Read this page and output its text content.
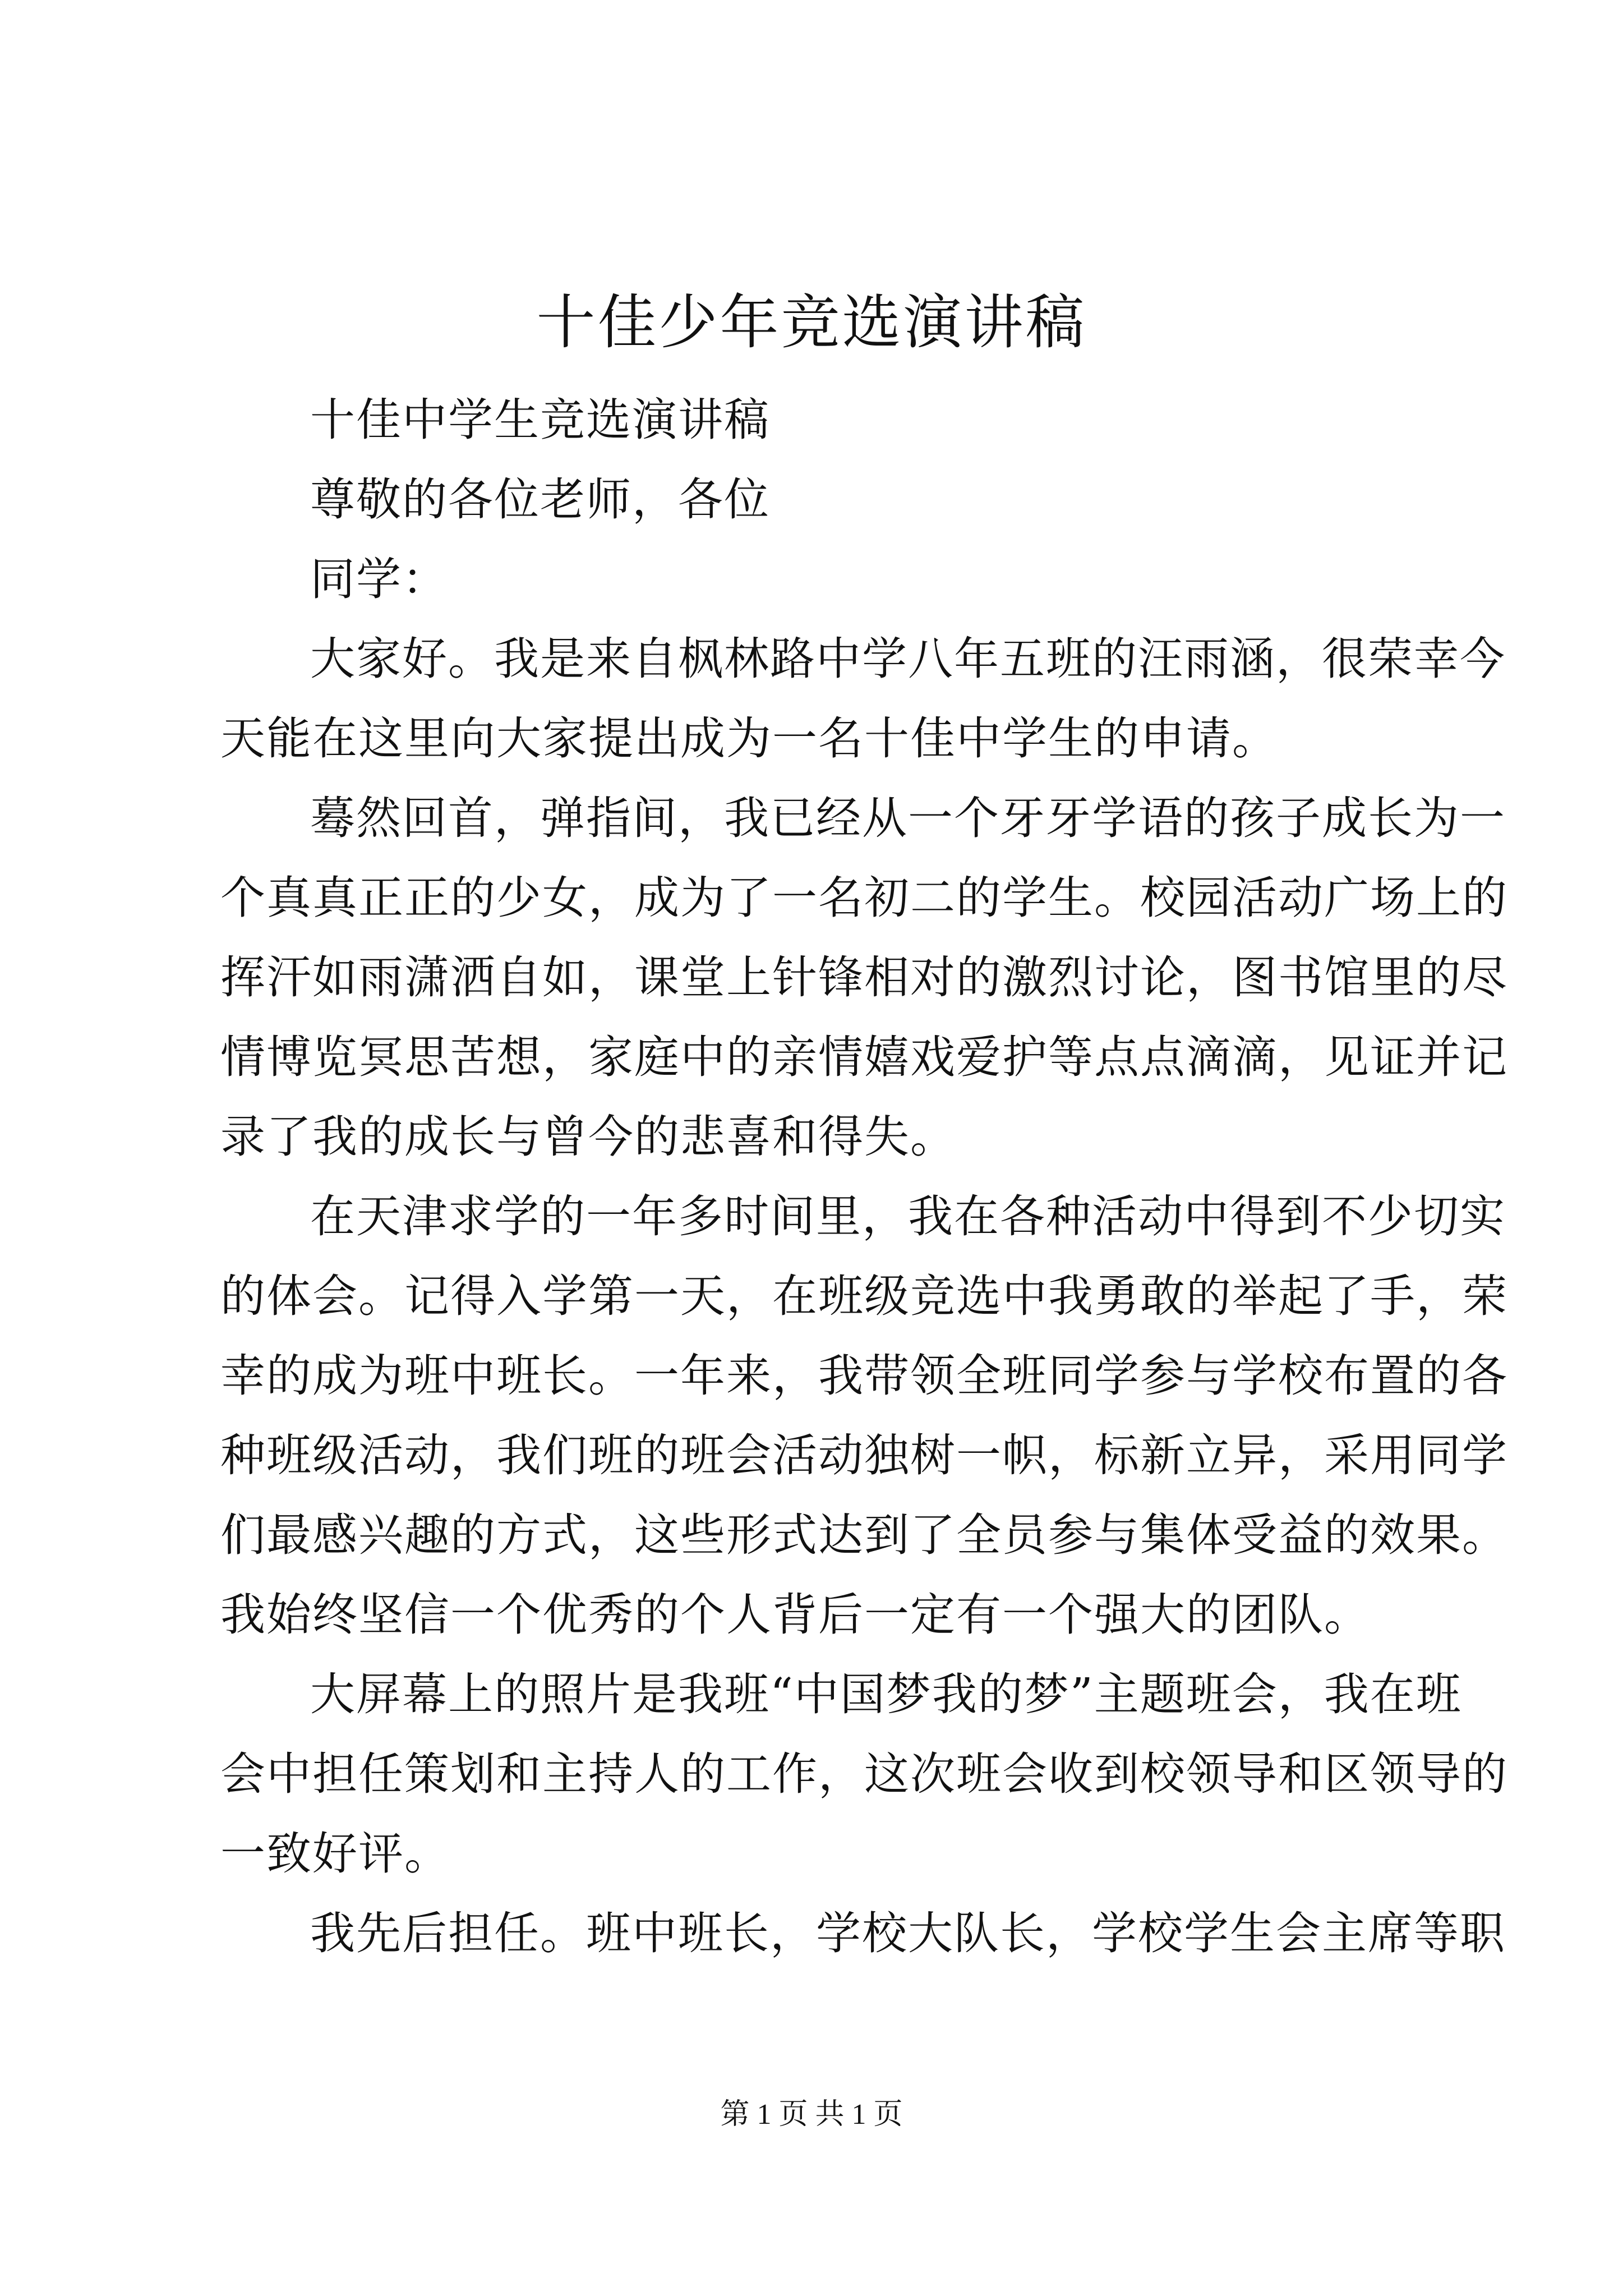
十佳少年竞选演讲稿
十佳中学生竞选演讲稿
尊敬的各位老师，各位
同学：
大家好。我是来自枫林路中学八年五班的汪雨涵，很荣幸今
天能在这里向大家提出成为一名十佳中学生的申请。
蓦然回首，弹指间，我已经从一个牙牙学语的孩子成长为一
个真真正正的少女，成为了一名初二的学生。校园活动广场上的
挥汗如雨潇洒自如，课堂上针锋相对的激烈讨论，图书馆里的尽
情博览冥思苦想，家庭中的亲情嬉戏爱护等点点滴滴，见证并记
录了我的成长与曾今的悲喜和得失。
在天津求学的一年多时间里，我在各种活动中得到不少切实
的体会。记得入学第一天，在班级竞选中我勇敢的举起了手，荣
幸的成为班中班长。一年来，我带领全班同学参与学校布置的各
种班级活动，我们班的班会活动独树一帜，标新立异，采用同学
们最感兴趣的方式，这些形式达到了全员参与集体受益的效果。
我始终坚信一个优秀的个人背后一定有一个强大的团队。
大屏幕上的照片是我班“中国梦我的梦”主题班会，我在班
会中担任策划和主持人的工作，这次班会收到校领导和区领导的
一致好评。
我先后担任。班中班长，学校大队长，学校学生会主席等职
第 1 页 共 1 页
